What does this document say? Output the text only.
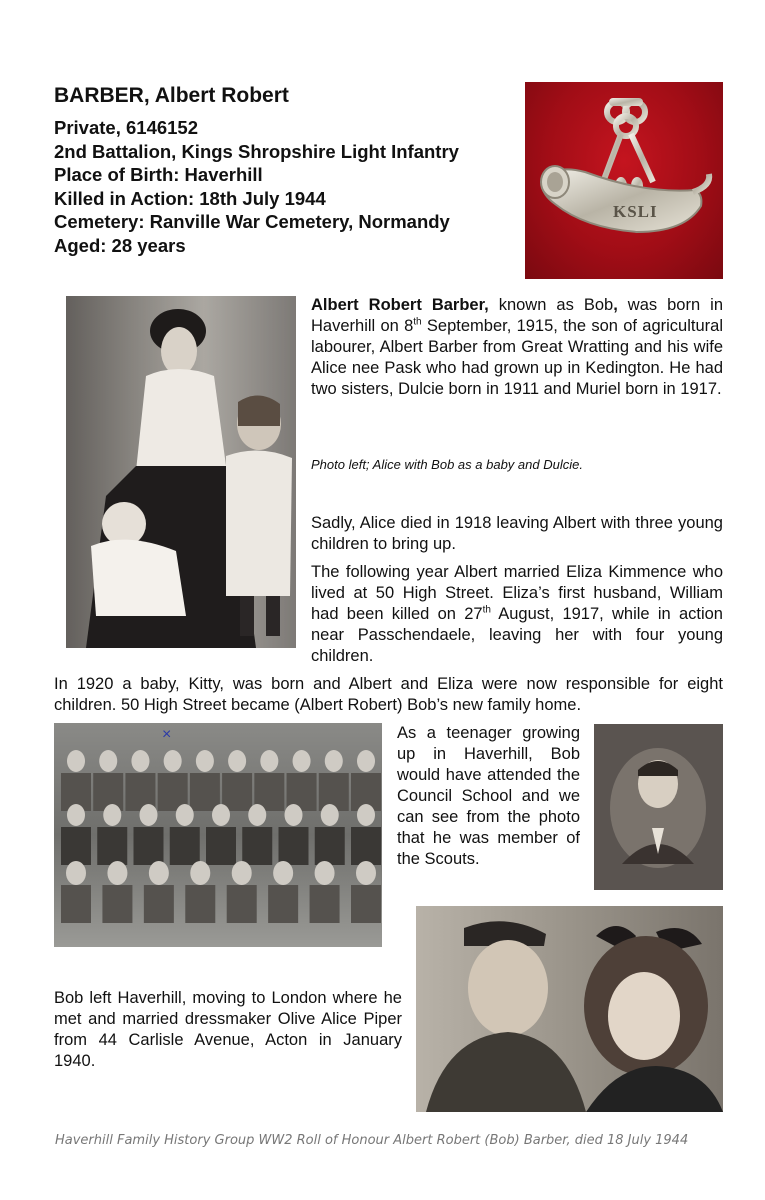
BARBER, Albert Robert
Private, 6146152
2nd Battalion, Kings Shropshire Light Infantry
Place of Birth: Haverhill
Killed in Action: 18th July 1944
Cemetery: Ranville War Cemetery, Normandy
Aged: 28 years
KSLI
Albert Robert Barber, known as Bob, was born in Haverhill on 8th September, 1915, the son of agricultural labourer, Albert Barber from Great Wratting and his wife Alice nee Pask who had grown up in Kedington. He had two sisters, Dulcie born in 1911 and Muriel born in 1917.
Photo left; Alice with Bob as a baby and Dulcie.
Sadly, Alice died in 1918 leaving Albert with three young children to bring up.
The following year Albert married Eliza Kimmence who lived at 50 High Street. Eliza’s first husband, William had been killed on 27th August, 1917, while in action near Passchendaele, leaving her with four young children.
In 1920 a baby, Kitty, was born and Albert and Eliza were now responsible for eight children. 50 High Street became (Albert Robert) Bob’s new family home.
×	As a teenager growing up in Haverhill, Bob would have attended the Council School and we can see from the photo that he was member of the Scouts.
Bob left Haverhill, moving to London where he met and married dressmaker Olive Alice Piper from 44 Carlisle Avenue, Acton in January 1940.
Haverhill Family History Group WW2 Roll of Honour Albert Robert (Bob) Barber, died 18 July 1944
